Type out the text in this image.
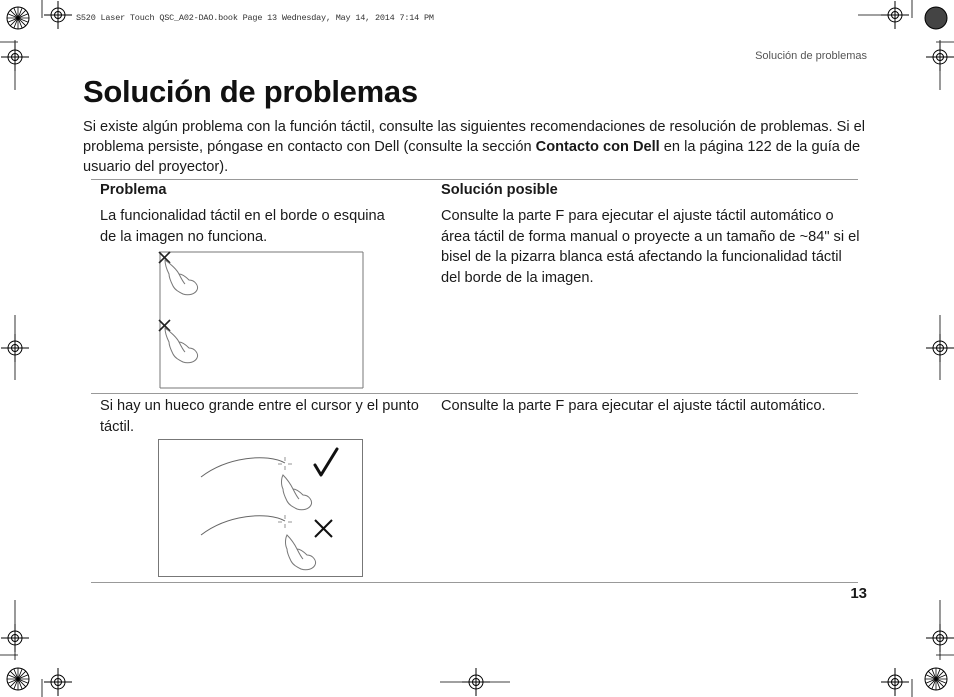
S520 Laser Touch QSC_A02-DAO.book Page 13 Wednesday, May 14, 2014 7:14 PM
Solución de problemas
Solución de problemas

Si existe algún problema con la función táctil, consulte las siguientes recomendaciones de resolución de problemas. Si el problema persiste, póngase en contacto con Dell (consulte la sección Contacto con Dell en la página 122 de la guía de usuario del proyector).

Problema	Solución posible
La funcionalidad táctil en el borde o esquina de la imagen no funciona.
Consulte la parte F para ejecutar el ajuste táctil automático o área táctil de forma manual o proyecte a un tamaño de ~84" si el bisel de la pizarra blanca está afectando la funcionalidad táctil del borde de la imagen.
Si hay un hueco grande entre el cursor y el punto táctil.
Consulte la parte F para ejecutar el ajuste táctil automático.
13
